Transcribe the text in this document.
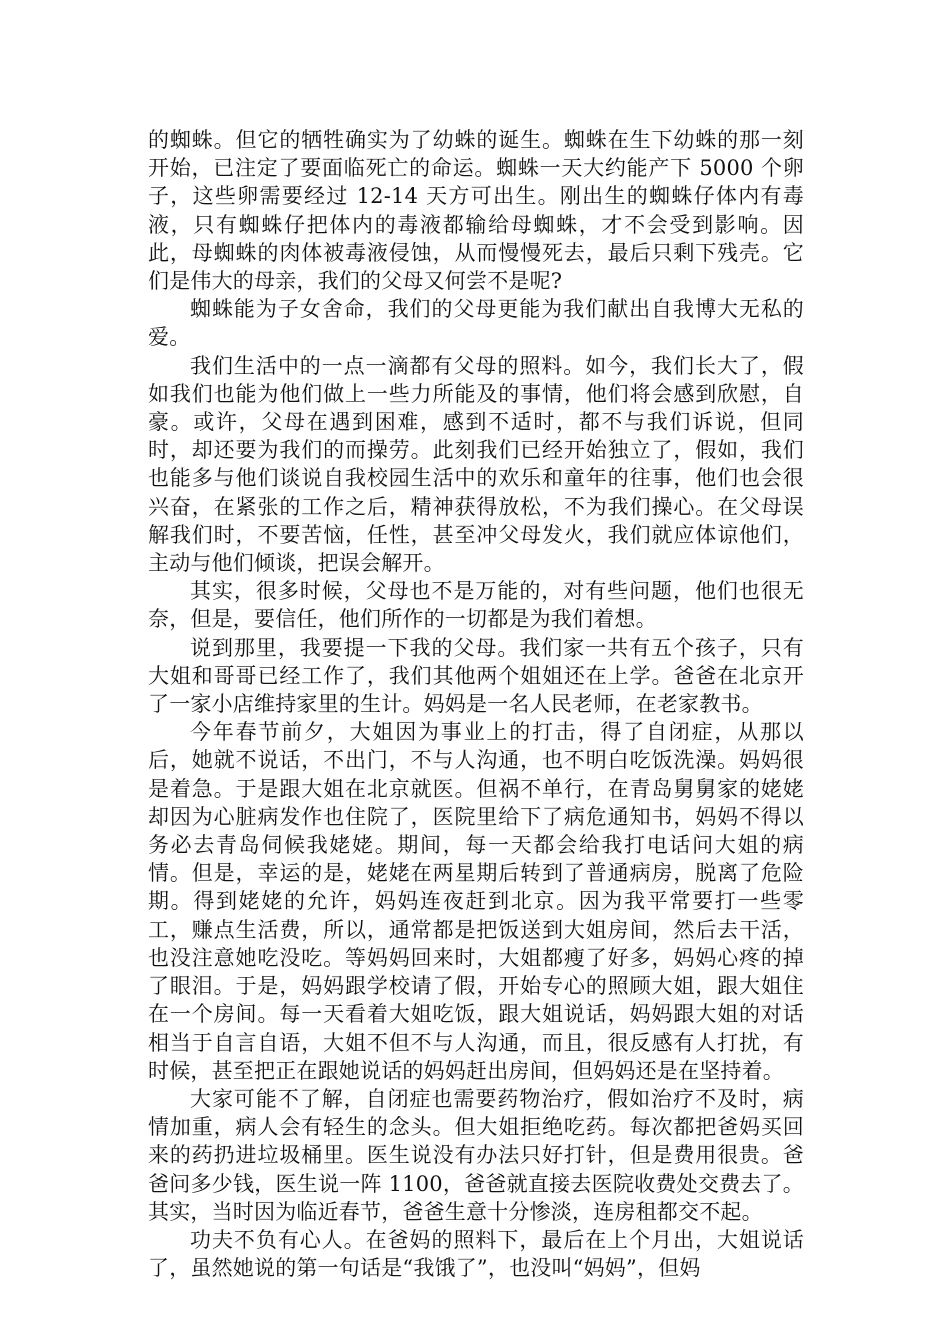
的蜘蛛。但它的牺牲确实为了幼蛛的诞生。蜘蛛在生下幼蛛的那一刻开始，已注定了要面临死亡的命运。蜘蛛一天大约能产下 5000 个卵子，这些卵需要经过 12-14 天方可出生。刚出生的蜘蛛仔体内有毒液，只有蜘蛛仔把体内的毒液都输给母蜘蛛，才不会受到影响。因此，母蜘蛛的肉体被毒液侵蚀，从而慢慢死去，最后只剩下残壳。它们是伟大的母亲，我们的父母又何尝不是呢?

蜘蛛能为子女舍命，我们的父母更能为我们献出自我博大无私的爱。

我们生活中的一点一滴都有父母的照料。如今，我们长大了，假如我们也能为他们做上一些力所能及的事情，他们将会感到欣慰，自豪。或许，父母在遇到困难，感到不适时，都不与我们诉说，但同时，却还要为我们的而操劳。此刻我们已经开始独立了，假如，我们也能多与他们谈说自我校园生活中的欢乐和童年的往事，他们也会很兴奋，在紧张的工作之后，精神获得放松，不为我们操心。在父母误解我们时，不要苦恼，任性，甚至冲父母发火，我们就应体谅他们，主动与他们倾谈，把误会解开。

其实，很多时候，父母也不是万能的，对有些问题，他们也很无奈，但是，要信任，他们所作的一切都是为我们着想。

说到那里，我要提一下我的父母。我们家一共有五个孩子，只有大姐和哥哥已经工作了，我们其他两个姐姐还在上学。爸爸在北京开了一家小店维持家里的生计。妈妈是一名人民老师，在老家教书。

今年春节前夕，大姐因为事业上的打击，得了自闭症，从那以后，她就不说话，不出门，不与人沟通，也不明白吃饭洗澡。妈妈很是着急。于是跟大姐在北京就医。但祸不单行，在青岛舅舅家的姥姥却因为心脏病发作也住院了，医院里给下了病危通知书，妈妈不得以务必去青岛伺候我姥姥。期间，每一天都会给我打电话问大姐的病情。但是，幸运的是，姥姥在两星期后转到了普通病房，脱离了危险期。得到姥姥的允许，妈妈连夜赶到北京。因为我平常要打一些零工，赚点生活费，所以，通常都是把饭送到大姐房间，然后去干活，也没注意她吃没吃。等妈妈回来时，大姐都瘦了好多，妈妈心疼的掉了眼泪。于是，妈妈跟学校请了假，开始专心的照顾大姐，跟大姐住在一个房间。每一天看着大姐吃饭，跟大姐说话，妈妈跟大姐的对话相当于自言自语，大姐不但不与人沟通，而且，很反感有人打扰，有时候，甚至把正在跟她说话的妈妈赶出房间，但妈妈还是在坚持着。

大家可能不了解，自闭症也需要药物治疗，假如治疗不及时，病情加重，病人会有轻生的念头。但大姐拒绝吃药。每次都把爸妈买回来的药扔进垃圾桶里。医生说没有办法只好打针，但是费用很贵。爸爸问多少钱，医生说一阵 1100，爸爸就直接去医院收费处交费去了。其实，当时因为临近春节，爸爸生意十分惨淡，连房租都交不起。

功夫不负有心人。在爸妈的照料下，最后在上个月出，大姐说话了，虽然她说的第一句话是“我饿了”，也没叫“妈妈”，但妈
